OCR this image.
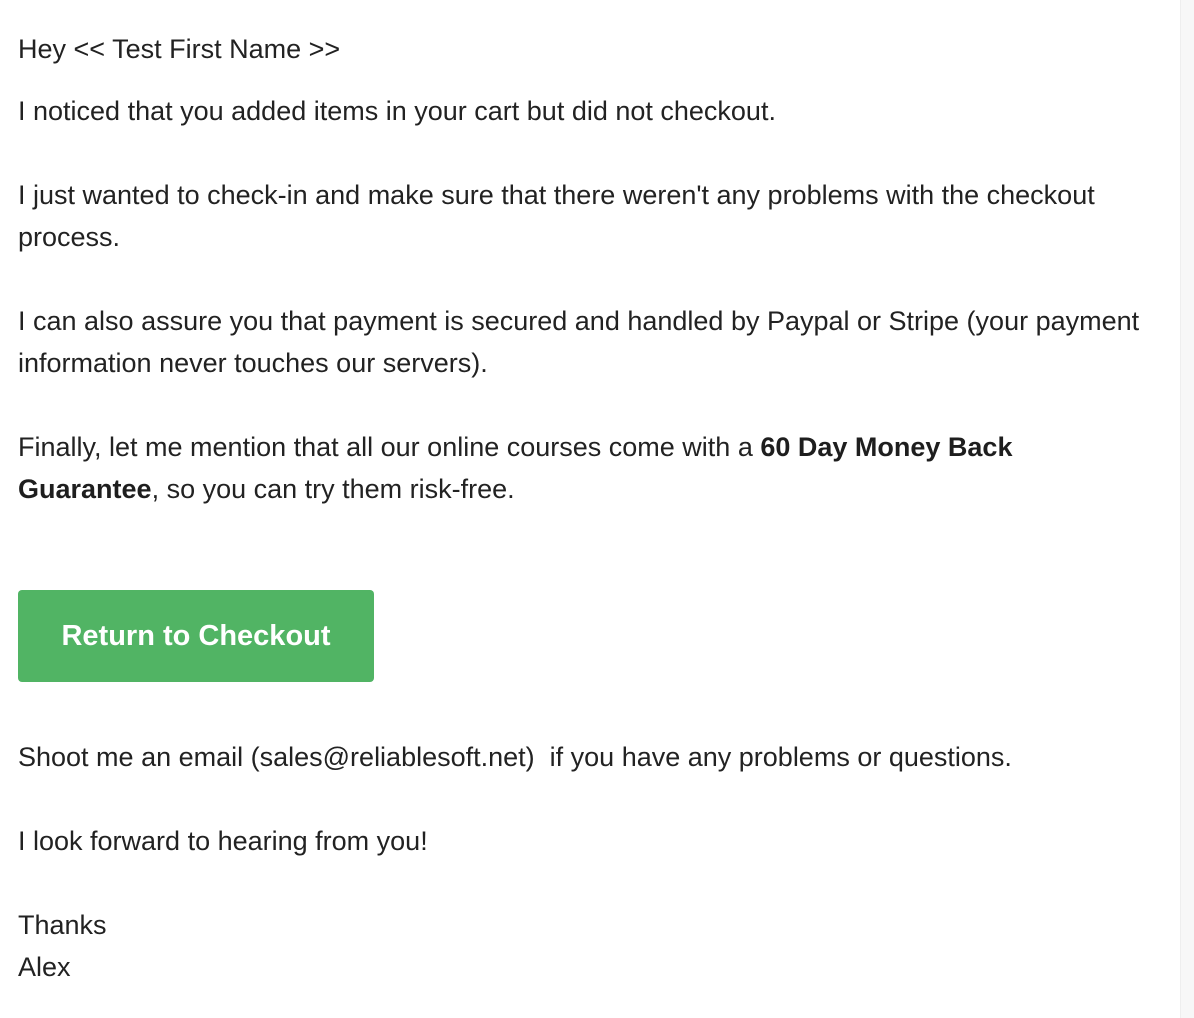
Hey << Test First Name >>

I noticed that you added items in your cart but did not checkout.

I just wanted to check-in and make sure that there weren't any problems with the checkout process.

I can also assure you that payment is secured and handled by Paypal or Stripe (your payment information never touches our servers).

Finally, let me mention that all our online courses come with a 60 Day Money Back Guarantee, so you can try them risk-free.

Return to Checkout

Shoot me an email (sales@reliablesoft.net)  if you have any problems or questions.

I look forward to hearing from you!

Thanks
Alex
